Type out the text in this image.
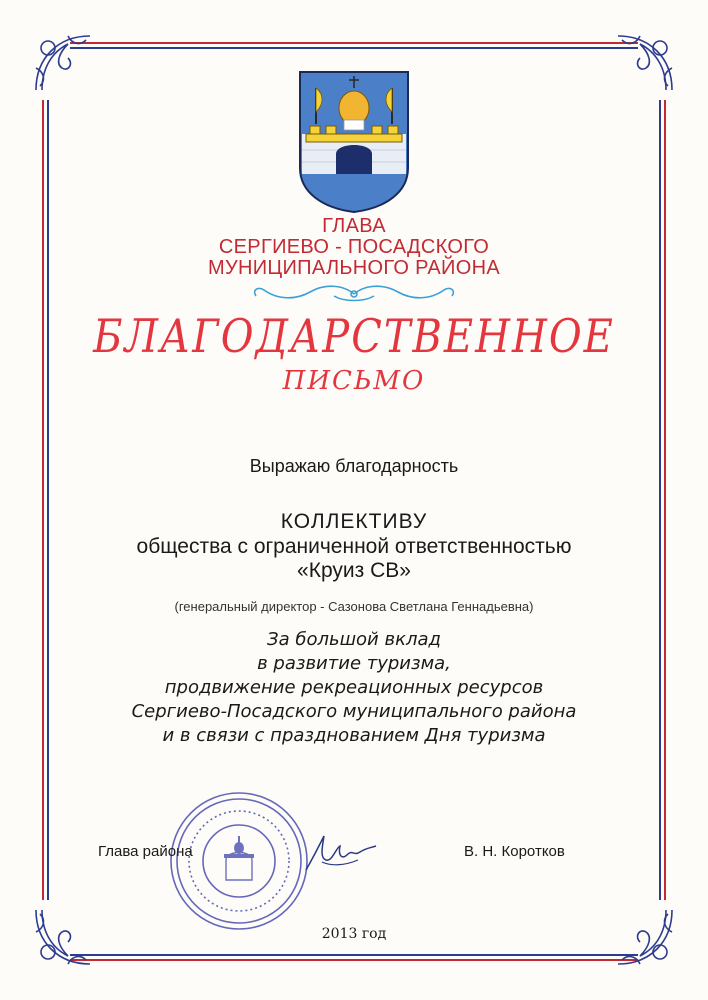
ГЛАВА
СЕРГИЕВО - ПОСАДСКОГО
МУНИЦИПАЛЬНОГО РАЙОНА
БЛАГОДАРСТВЕННОЕ
ПИСЬМО
Выражаю благодарность
КОЛЛЕКТИВУ
общества с ограниченной ответственностью
«Круиз СВ»
(генеральный директор - Сазонова Светлана Геннадьевна)
За большой вклад
в развитие туризма,
продвижение рекреационных ресурсов
Сергиево-Посадского муниципального района
и в связи с празднованием Дня туризма
Глава района	В. Н. Коротков
2013 год
